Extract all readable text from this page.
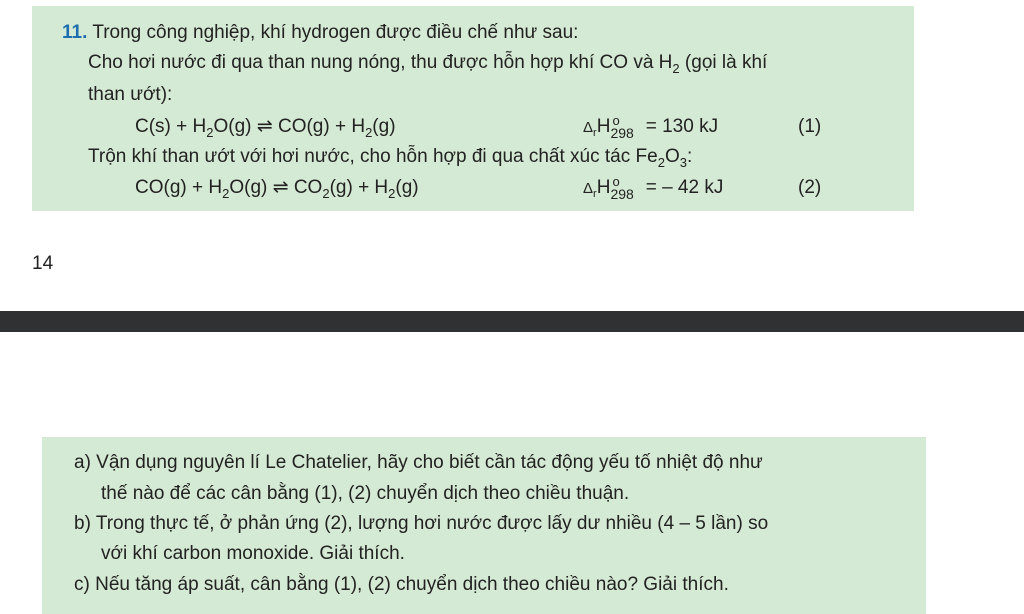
11. Trong công nghiệp, khí hydrogen được điều chế như sau:
Cho hơi nước đi qua than nung nóng, thu được hỗn hợp khí CO và $H_2$ (gọi là khí
than ướt):
$C(s) + H_2O(g)$ ⇌ $CO(g) + H_2(g)$	$\Delta_rH$ o
298 = 130 kJ	(1)
Trộn khí than ướt với hơi nước, cho hỗn hợp đi qua chất xúc tác $Fe_2O_3$:
$CO(g) + H_2O(g)$ ⇌ $CO_2(g) + H_2(g)$	$\Delta_rH$ o
298 = – 42 kJ	(2)
14
a) Vận dụng nguyên lí Le Chatelier, hãy cho biết cần tác động yếu tố nhiệt độ như
thế nào để các cân bằng (1), (2) chuyển dịch theo chiều thuận.
b) Trong thực tế, ở phản ứng (2), lượng hơi nước được lấy dư nhiều (4 – 5 lần) so
với khí carbon monoxide. Giải thích.
c) Nếu tăng áp suất, cân bằng (1), (2) chuyển dịch theo chiều nào? Giải thích.
